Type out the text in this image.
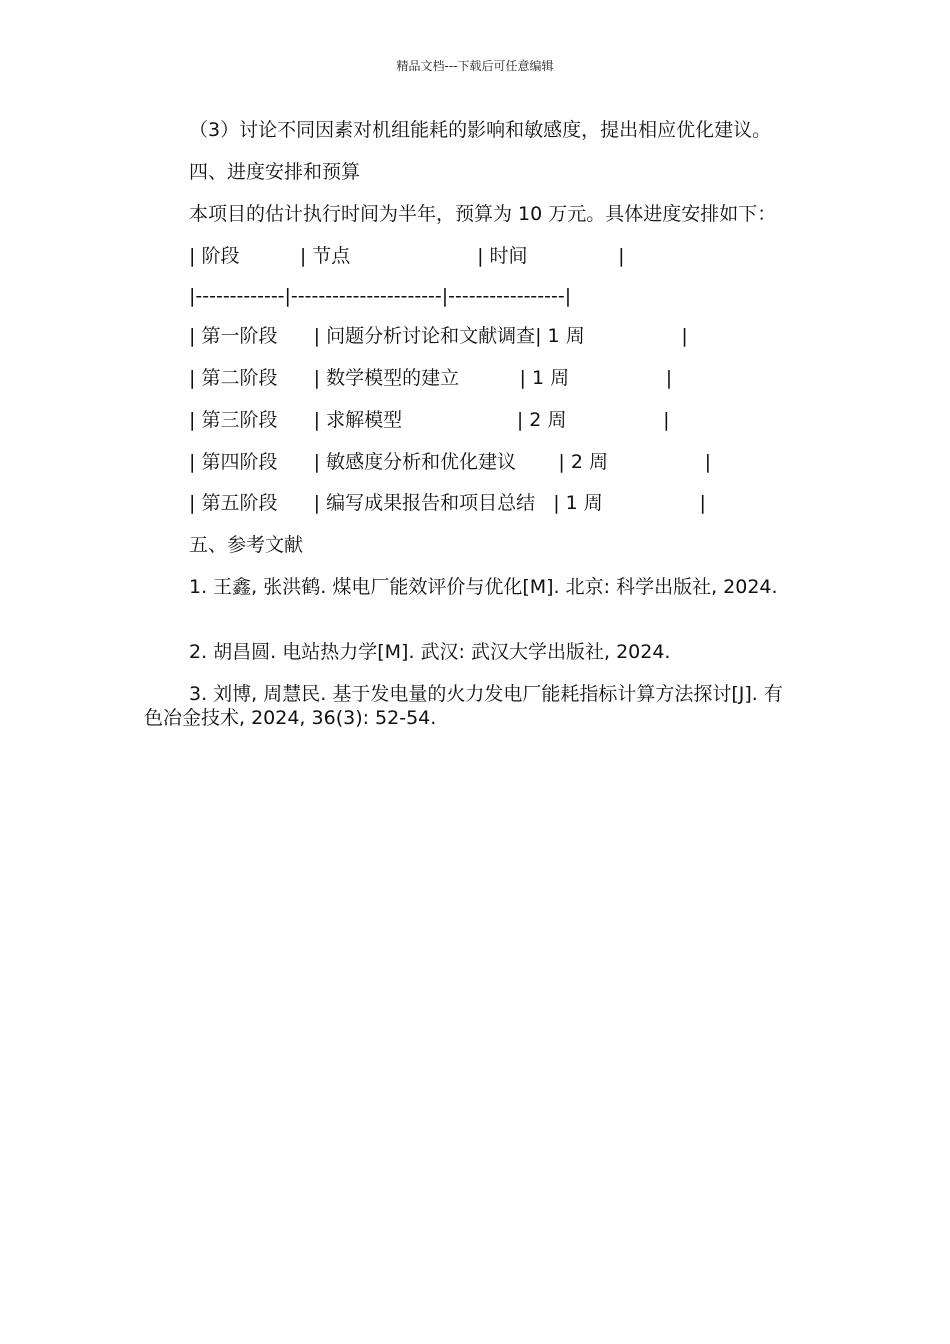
精品文档---下载后可任意编辑
（3）讨论不同因素对机组能耗的影响和敏感度，提出相应优化建议。
四、进度安排和预算
本项目的估计执行时间为半年，预算为 10 万元。具体进度安排如下：
| 阶段          | 节点                     | 时间               |
|-------------|----------------------|-----------------|
| 第一阶段      | 问题分析讨论和文献调查| 1 周                |
| 第二阶段      | 数学模型的建立          | 1 周                |
| 第三阶段      | 求解模型                   | 2 周                |
| 第四阶段      | 敏感度分析和优化建议       | 2 周                |
| 第五阶段      | 编写成果报告和项目总结   | 1 周                |
五、参考文献
1. 王鑫, 张洪鹤. 煤电厂能效评价与优化[M]. 北京: 科学出版社, 2024.
2. 胡昌圆. 电站热力学[M]. 武汉: 武汉大学出版社, 2024.
3. 刘博, 周慧民. 基于发电量的火力发电厂能耗指标计算方法探讨[J]. 有色冶金技术, 2024, 36(3): 52-54.
